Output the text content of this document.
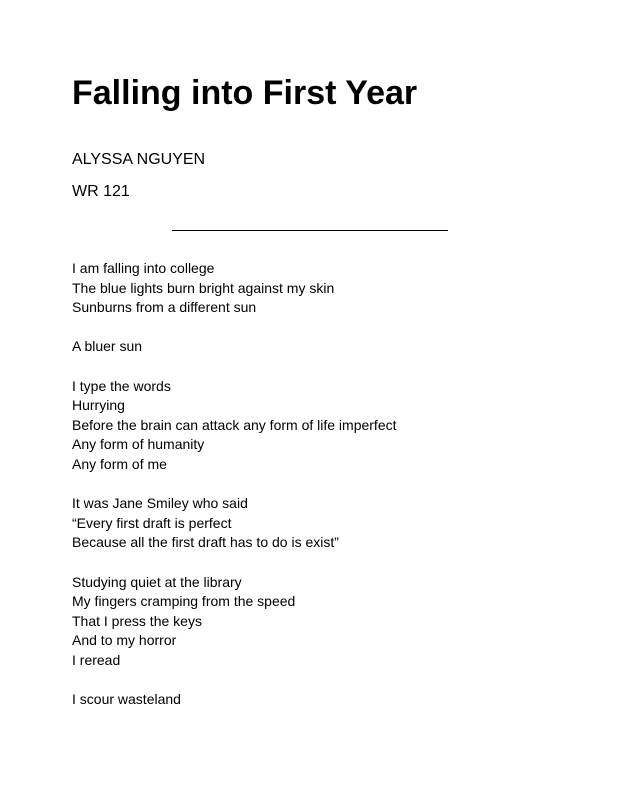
Falling into First Year
ALYSSA NGUYEN
WR 121
I am falling into college
The blue lights burn bright against my skin
Sunburns from a different sun
A bluer sun
I type the words
Hurrying
Before the brain can attack any form of life imperfect
Any form of humanity
Any form of me
It was Jane Smiley who said
“Every first draft is perfect
Because all the first draft has to do is exist”
Studying quiet at the library
My fingers cramping from the speed
That I press the keys
And to my horror
I reread
I scour wasteland
